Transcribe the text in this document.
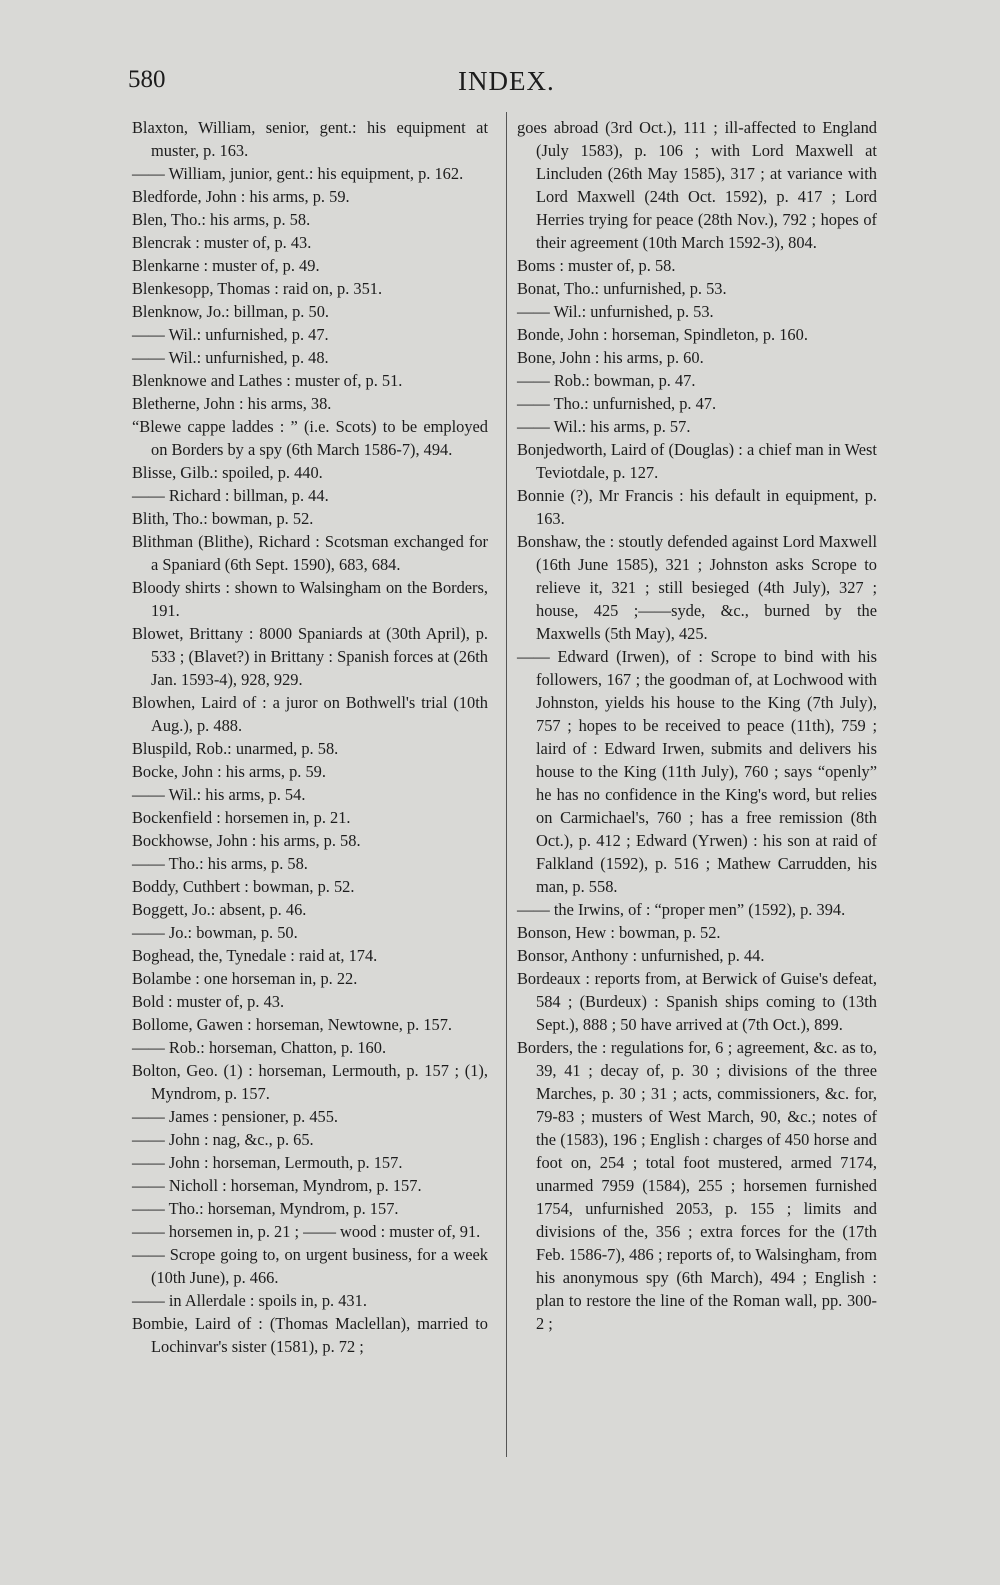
580	INDEX.
Blaxton, William, senior, gent.: his equipment at muster, p. 163.
—— William, junior, gent.: his equipment, p. 162.
Bledforde, John : his arms, p. 59.
Blen, Tho.: his arms, p. 58.
Blencrak : muster of, p. 43.
Blenkarne : muster of, p. 49.
Blenkesopp, Thomas : raid on, p. 351.
Blenknow, Jo.: billman, p. 50.
—— Wil.: unfurnished, p. 47.
—— Wil.: unfurnished, p. 48.
Blenknowe and Lathes : muster of, p. 51.
Bletherne, John : his arms, 38.
“Blewe cappe laddes : ” (i.e. Scots) to be employed on Borders by a spy (6th March 1586-7), 494.
Blisse, Gilb.: spoiled, p. 440.
—— Richard : billman, p. 44.
Blith, Tho.: bowman, p. 52.
Blithman (Blithe), Richard : Scotsman exchanged for a Spaniard (6th Sept. 1590), 683, 684.
Bloody shirts : shown to Walsingham on the Borders, 191.
Blowet, Brittany : 8000 Spaniards at (30th April), p. 533 ; (Blavet?) in Brittany : Spanish forces at (26th Jan. 1593-4), 928, 929.
Blowhen, Laird of : a juror on Bothwell's trial (10th Aug.), p. 488.
Bluspild, Rob.: unarmed, p. 58.
Bocke, John : his arms, p. 59.
—— Wil.: his arms, p. 54.
Bockenfield : horsemen in, p. 21.
Bockhowse, John : his arms, p. 58.
—— Tho.: his arms, p. 58.
Boddy, Cuthbert : bowman, p. 52.
Boggett, Jo.: absent, p. 46.
—— Jo.: bowman, p. 50.
Boghead, the, Tynedale : raid at, 174.
Bolambe : one horseman in, p. 22.
Bold : muster of, p. 43.
Bollome, Gawen : horseman, Newtowne, p. 157.
—— Rob.: horseman, Chatton, p. 160.
Bolton, Geo. (1) : horseman, Lermouth, p. 157 ; (1), Myndrom, p. 157.
—— James : pensioner, p. 455.
—— John : nag, &c., p. 65.
—— John : horseman, Lermouth, p. 157.
—— Nicholl : horseman, Myndrom, p. 157.
—— Tho.: horseman, Myndrom, p. 157.
—— horsemen in, p. 21 ; —— wood : muster of, 91.
—— Scrope going to, on urgent business, for a week (10th June), p. 466.
—— in Allerdale : spoils in, p. 431.
Bombie, Laird of : (Thomas Maclellan), married to Lochinvar's sister (1581), p. 72 ;
goes abroad (3rd Oct.), 111 ; ill-affected to England (July 1583), p. 106 ; with Lord Maxwell at Lincluden (26th May 1585), 317 ; at variance with Lord Maxwell (24th Oct. 1592), p. 417 ; Lord Herries trying for peace (28th Nov.), 792 ; hopes of their agreement (10th March 1592-3), 804.
Boms : muster of, p. 58.
Bonat, Tho.: unfurnished, p. 53.
—— Wil.: unfurnished, p. 53.
Bonde, John : horseman, Spindleton, p. 160.
Bone, John : his arms, p. 60.
—— Rob.: bowman, p. 47.
—— Tho.: unfurnished, p. 47.
—— Wil.: his arms, p. 57.
Bonjedworth, Laird of (Douglas) : a chief man in West Teviotdale, p. 127.
Bonnie (?), Mr Francis : his default in equipment, p. 163.
Bonshaw, the : stoutly defended against Lord Maxwell (16th June 1585), 321 ; Johnston asks Scrope to relieve it, 321 ; still besieged (4th July), 327 ; house, 425 ;——syde, &c., burned by the Maxwells (5th May), 425.
—— Edward (Irwen), of : Scrope to bind with his followers, 167 ; the goodman of, at Lochwood with Johnston, yields his house to the King (7th July), 757 ; hopes to be received to peace (11th), 759 ; laird of : Edward Irwen, submits and delivers his house to the King (11th July), 760 ; says “openly” he has no confidence in the King's word, but relies on Carmichael's, 760 ; has a free remission (8th Oct.), p. 412 ; Edward (Yrwen) : his son at raid of Falkland (1592), p. 516 ; Mathew Carrudden, his man, p. 558.
—— the Irwins, of : “proper men” (1592), p. 394.
Bonson, Hew : bowman, p. 52.
Bonsor, Anthony : unfurnished, p. 44.
Bordeaux : reports from, at Berwick of Guise's defeat, 584 ; (Burdeux) : Spanish ships coming to (13th Sept.), 888 ; 50 have arrived at (7th Oct.), 899.
Borders, the : regulations for, 6 ; agreement, &c. as to, 39, 41 ; decay of, p. 30 ; divisions of the three Marches, p. 30 ; 31 ; acts, commissioners, &c. for, 79-83 ; musters of West March, 90, &c.; notes of the (1583), 196 ; English : charges of 450 horse and foot on, 254 ; total foot mustered, armed 7174, unarmed 7959 (1584), 255 ; horsemen furnished 1754, unfurnished 2053, p. 155 ; limits and divisions of the, 356 ; extra forces for the (17th Feb. 1586-7), 486 ; reports of, to Walsingham, from his anonymous spy (6th March), 494 ; English : plan to restore the line of the Roman wall, pp. 300-2 ;
